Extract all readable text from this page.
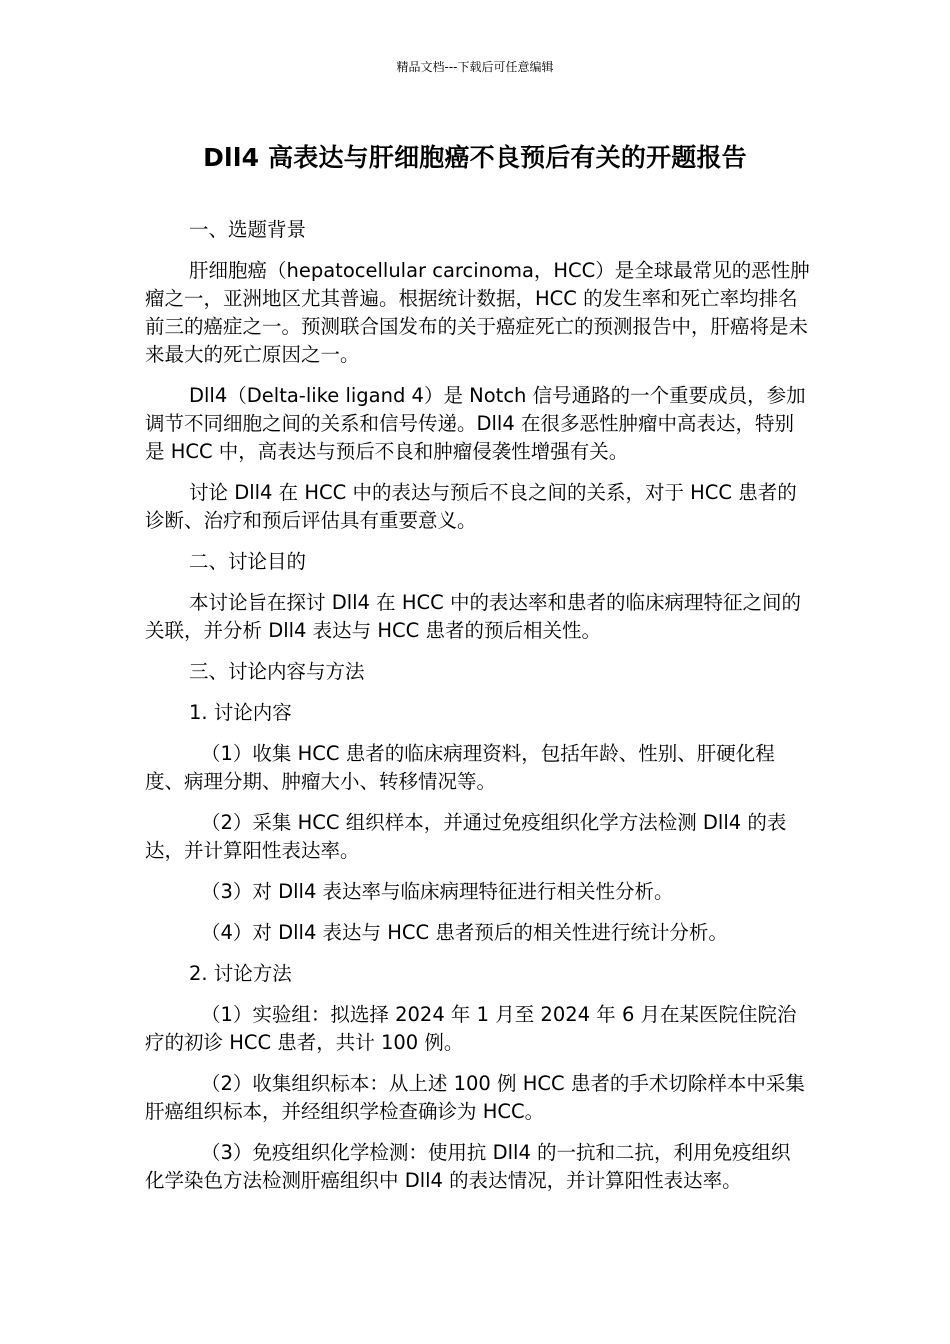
精品文档---下载后可任意编辑
Dll4 高表达与肝细胞癌不良预后有关的开题报告

一、选题背景

肝细胞癌（hepatocellular carcinoma，HCC）是全球最常见的恶性肿瘤之一，亚洲地区尤其普遍。根据统计数据，HCC 的发生率和死亡率均排名前三的癌症之一。预测联合国发布的关于癌症死亡的预测报告中，肝癌将是未来最大的死亡原因之一。

Dll4（Delta-like ligand 4）是 Notch 信号通路的一个重要成员，参加调节不同细胞之间的关系和信号传递。Dll4 在很多恶性肿瘤中高表达，特别是 HCC 中，高表达与预后不良和肿瘤侵袭性增强有关。

讨论 Dll4 在 HCC 中的表达与预后不良之间的关系，对于 HCC 患者的诊断、治疗和预后评估具有重要意义。

二、讨论目的

本讨论旨在探讨 Dll4 在 HCC 中的表达率和患者的临床病理特征之间的关联，并分析 Dll4 表达与 HCC 患者的预后相关性。

三、讨论内容与方法

1. 讨论内容

（1）收集 HCC 患者的临床病理资料，包括年龄、性别、肝硬化程度、病理分期、肿瘤大小、转移情况等。

（2）采集 HCC 组织样本，并通过免疫组织化学方法检测 Dll4 的表达，并计算阳性表达率。

（3）对 Dll4 表达率与临床病理特征进行相关性分析。

（4）对 Dll4 表达与 HCC 患者预后的相关性进行统计分析。

2. 讨论方法

（1）实验组：拟选择 2024 年 1 月至 2024 年 6 月在某医院住院治疗的初诊 HCC 患者，共计 100 例。

（2）收集组织标本：从上述 100 例 HCC 患者的手术切除样本中采集肝癌组织标本，并经组织学检查确诊为 HCC。

（3）免疫组织化学检测：使用抗 Dll4 的一抗和二抗，利用免疫组织化学染色方法检测肝癌组织中 Dll4 的表达情况，并计算阳性表达率。
